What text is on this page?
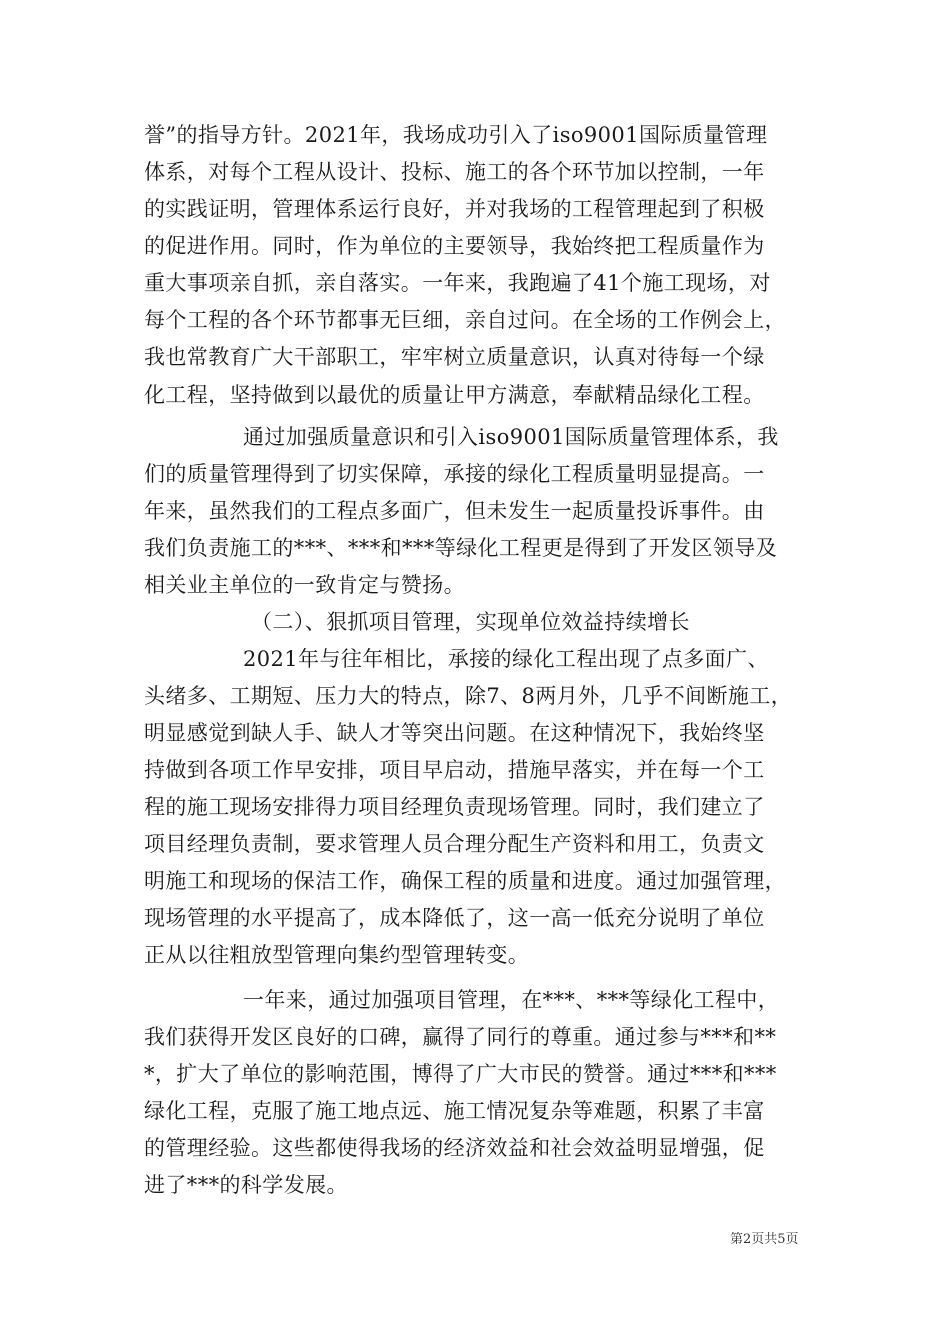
誉”的指导方针。2021年，我场成功引入了iso9001国际质量管理
体系，对每个工程从设计、投标、施工的各个环节加以控制，一年
的实践证明，管理体系运行良好，并对我场的工程管理起到了积极
的促进作用。同时，作为单位的主要领导，我始终把工程质量作为
重大事项亲自抓，亲自落实。一年来，我跑遍了41个施工现场，对
每个工程的各个环节都事无巨细，亲自过问。在全场的工作例会上，
我也常教育广大干部职工，牢牢树立质量意识，认真对待每一个绿
化工程，坚持做到以最优的质量让甲方满意，奉献精品绿化工程。
通过加强质量意识和引入iso9001国际质量管理体系，我
们的质量管理得到了切实保障，承接的绿化工程质量明显提高。一
年来，虽然我们的工程点多面广，但未发生一起质量投诉事件。由
我们负责施工的***、***和***等绿化工程更是得到了开发区领导及
相关业主单位的一致肯定与赞扬。
（二）、狠抓项目管理，实现单位效益持续增长
2021年与往年相比，承接的绿化工程出现了点多面广、
头绪多、工期短、压力大的特点，除7、8两月外，几乎不间断施工，
明显感觉到缺人手、缺人才等突出问题。在这种情况下，我始终坚
持做到各项工作早安排，项目早启动，措施早落实，并在每一个工
程的施工现场安排得力项目经理负责现场管理。同时，我们建立了
项目经理负责制，要求管理人员合理分配生产资料和用工，负责文
明施工和现场的保洁工作，确保工程的质量和进度。通过加强管理，
现场管理的水平提高了，成本降低了，这一高一低充分说明了单位
正从以往粗放型管理向集约型管理转变。
一年来，通过加强项目管理，在***、***等绿化工程中，
我们获得开发区良好的口碑，赢得了同行的尊重。通过参与***和**
*，扩大了单位的影响范围，博得了广大市民的赞誉。通过***和***
绿化工程，克服了施工地点远、施工情况复杂等难题，积累了丰富
的管理经验。这些都使得我场的经济效益和社会效益明显增强，促
进了***的科学发展。
第2页共5页
